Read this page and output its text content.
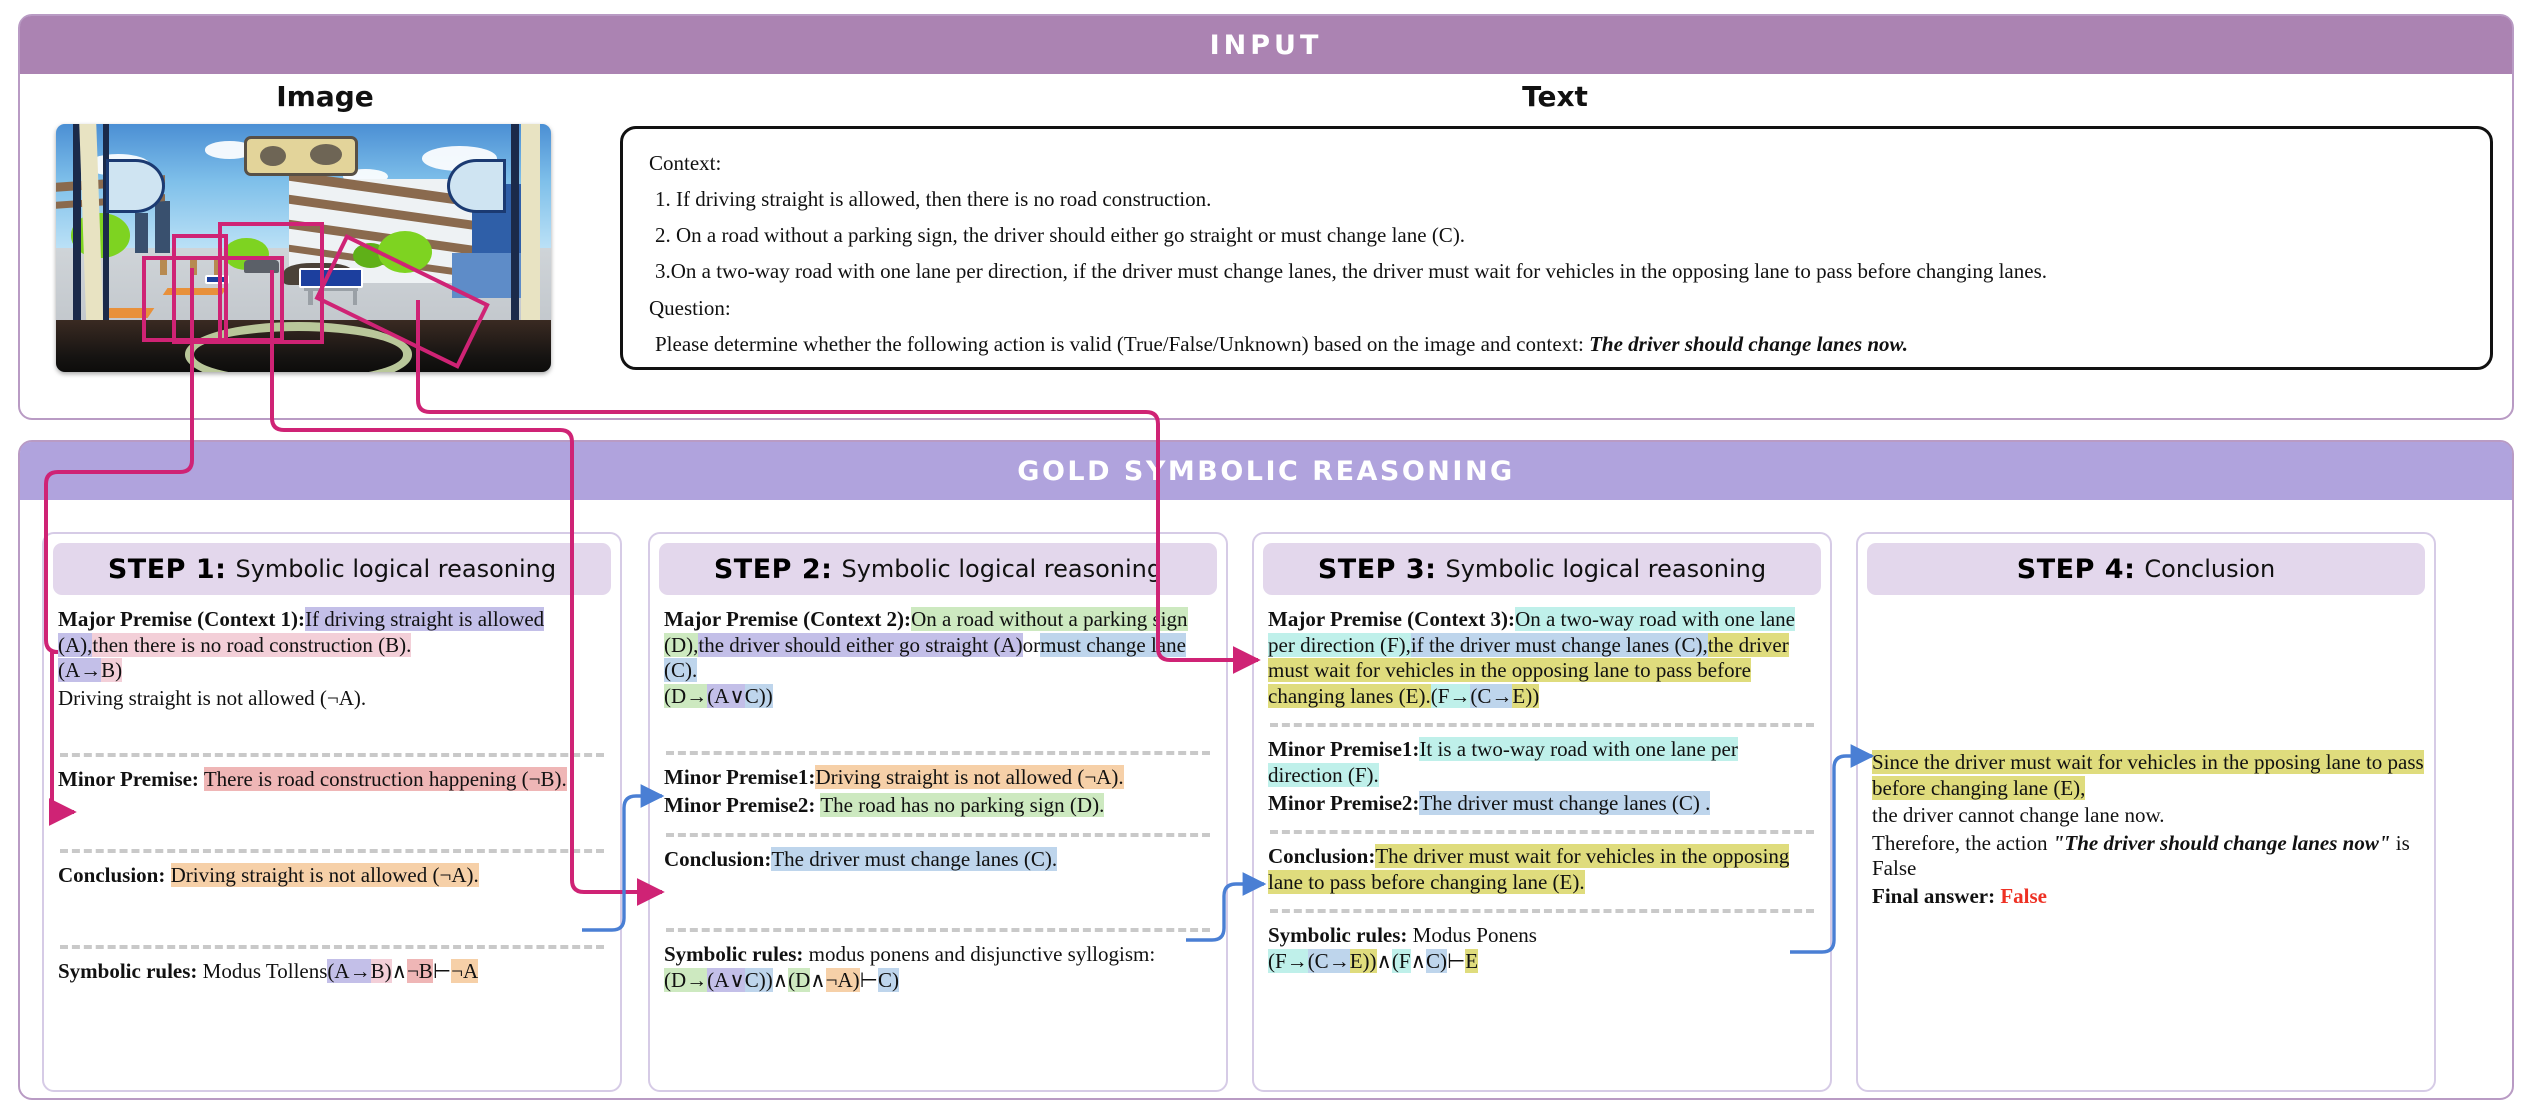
INPUT
Image	Text

Context:

1. If driving straight is allowed, then there is no road construction.

2. On a road without a parking sign, the driver should either go straight or must change lane (C).

3.On a two-way road with one lane per direction, if the driver must change lanes, the driver must wait for vehicles in the opposing lane to pass before changing lanes.

Question:

Please determine whether the following action is valid (True/False/Unknown) based on the image and context: The driver should change lanes now.

GOLD SYMBOLIC REASONING
STEP 1: Symbolic logical reasoning
Major Premise (Context 1):If driving straight is allowed (A),then there is no road construction (B).
(A→B)
Driving straight is not allowed (¬A).
Minor Premise: There is road construction happening (¬B).
Conclusion: Driving straight is not allowed (¬A).
Symbolic rules: Modus Tollens(A→B)∧¬B⊢¬A
STEP 2: Symbolic logical reasoning
Major Premise (Context 2):On a road without a parking sign (D),the driver should either go straight (A)ormust change lane (C).
(D→(A∨C))
Minor Premise1:Driving straight is not allowed (¬A).
Minor Premise2: The road has no parking sign (D).
Conclusion:The driver must change lanes (C).
Symbolic rules: modus ponens and disjunctive syllogism:(D→(A∨C))∧(D∧¬A)⊢C)
STEP 3: Symbolic logical reasoning
Major Premise (Context 3):On a two-way road with one lane per direction (F),if the driver must change lanes (C),the driver must wait for vehicles in the opposing lane to pass before changing lanes (E).(F→(C→E))
Minor Premise1:It is a two-way road with one lane per direction (F).
Minor Premise2:The driver must change lanes (C) .
Conclusion:The driver must wait for vehicles in the opposing lane to pass before changing lane (E).
Symbolic rules: Modus Ponens
(F→(C→E))∧(F∧C)⊢E
STEP 4: Conclusion
Since the driver must wait for vehicles in the pposing lane to pass before changing lane (E),
the driver cannot change lane now.
Therefore, the action "The driver should change lanes now" is False
Final answer: False
